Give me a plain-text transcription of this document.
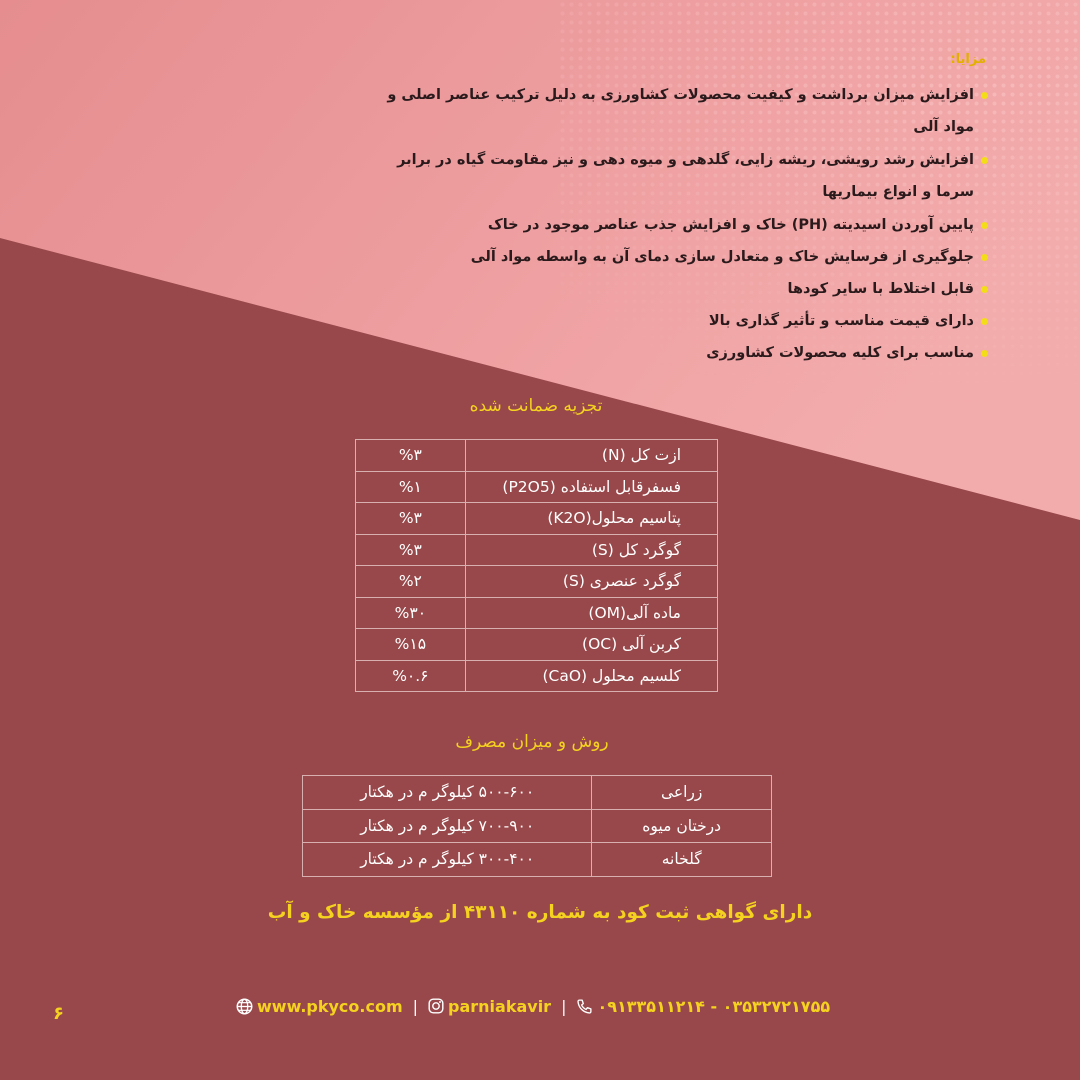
مزایا:
افزایش میزان برداشت و کیفیت محصولات کشاورزی به دلیل ترکیب عناصر اصلی و مواد آلی
افزایش رشد رویشی، ریشه زایی، گلدهی و میوه دهی و نیز مقاومت گیاه در برابر سرما و انواع بیماریها
پایین آوردن اسیدیته (PH) خاک و افزایش جذب عناصر موجود در خاک
جلوگیری از فرسایش خاک و متعادل سازی دمای آن به واسطه مواد آلی
قابل اختلاط با سایر کودها
دارای قیمت مناسب و تأثیر گذاری بالا
مناسب برای کلیه محصولات کشاورزی
تجزیه ضمانت شده
ازت کل (N)	%۳
فسفرقابل استفاده (P2O5)	%۱
پتاسیم محلول(K2O)	%۳
گوگرد کل (S)	%۳
گوگرد عنصری (S)	%۲
ماده آلی(OM)	%۳۰
کربن آلی (OC)	%۱۵
کلسیم محلول (CaO)	%۰.۶
روش و میزان مصرف
زراعی	۵۰۰-۶۰۰ کیلوگر م در هکتار
درختان میوه	۷۰۰-۹۰۰ کیلوگر م در هکتار
گلخانه	۳۰۰-۴۰۰ کیلوگر م در هکتار
دارای گواهی ثبت کود به شماره ۴۳۱۱۰ از مؤسسه خاک و آب
www.pkyco.com | parniakavir | ۰۹۱۳۳۵۱۱۲۱۴ - ۰۳۵۳۲۷۲۱۷۵۵
۶
